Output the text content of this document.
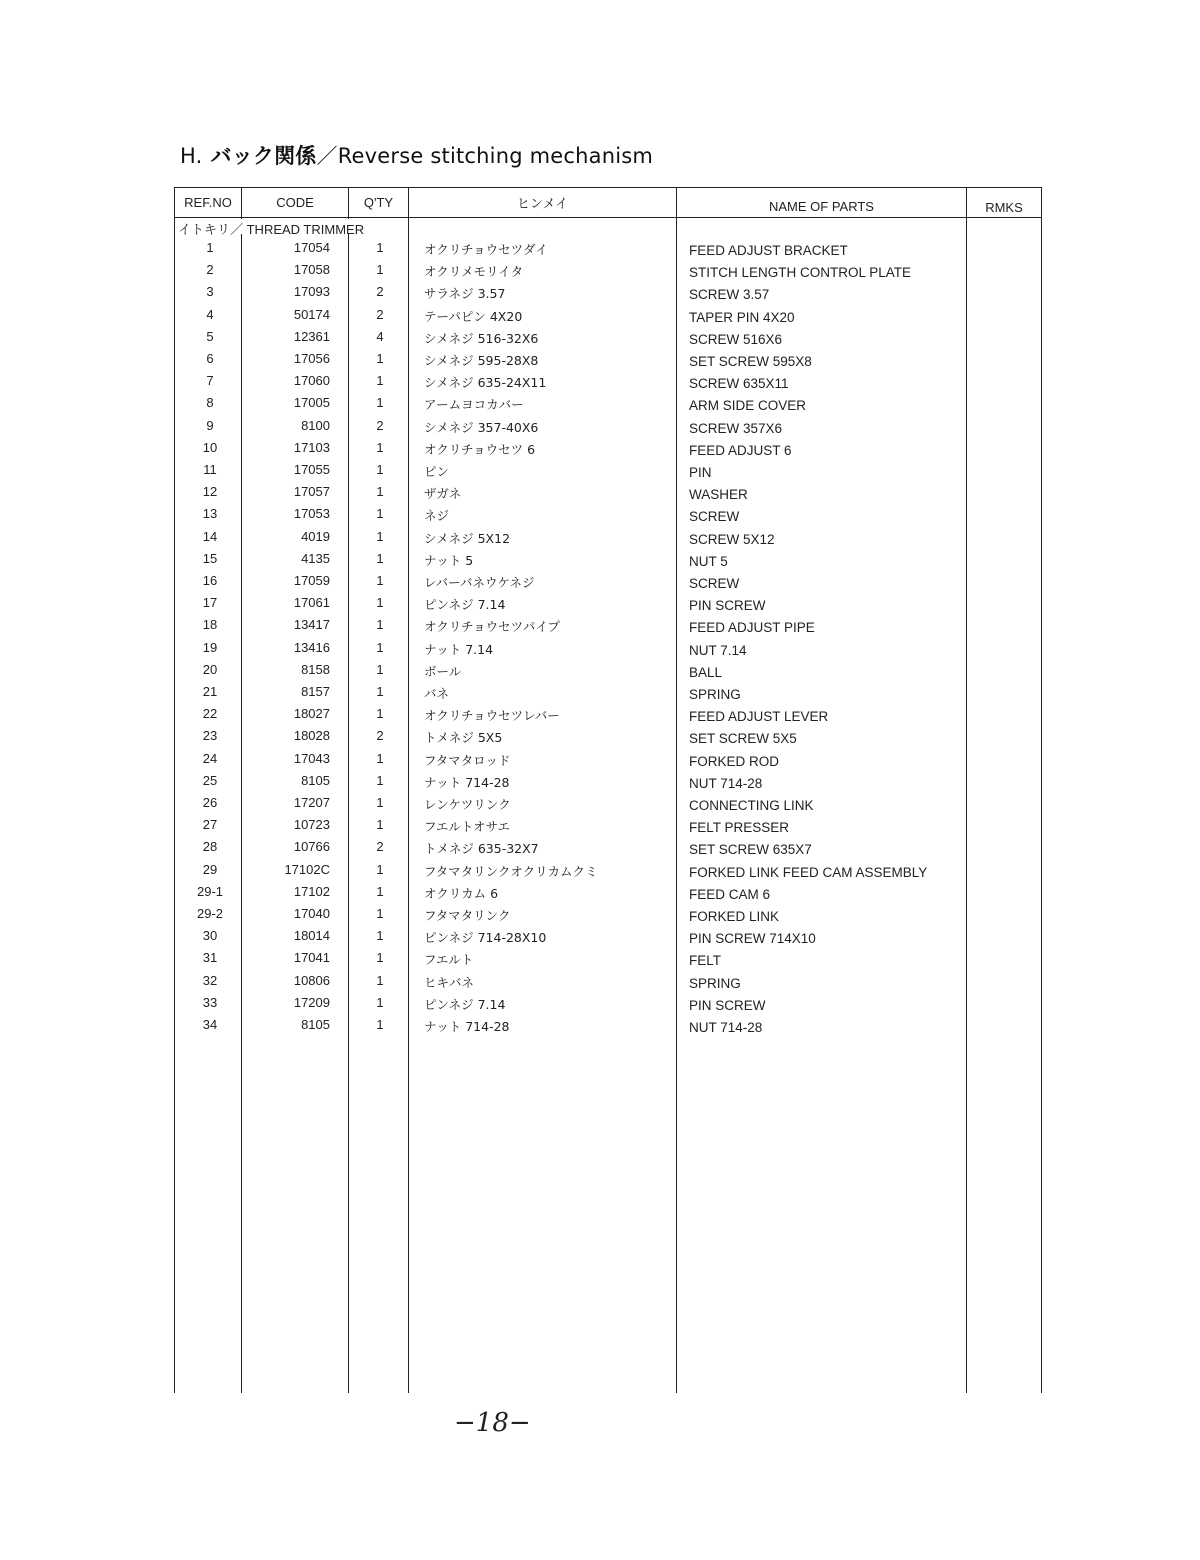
H. バック関係／Reverse stitching mechanism
REF.NO	CODE	Q'TY	ヒンメイ	NAME OF PARTS	RMKS
イトキリ／ THREAD TRIMMER
1	17054	1	オクリチョウセツダイ	FEED ADJUST BRACKET
2	17058	1	オクリメモリイタ	STITCH LENGTH CONTROL PLATE
3	17093	2	サラネジ 3.57	SCREW 3.57
4	50174	2	テーパピン 4X20	TAPER PIN 4X20
5	12361	4	シメネジ 516-32X6	SCREW 516X6
6	17056	1	シメネジ 595-28X8	SET SCREW 595X8
7	17060	1	シメネジ 635-24X11	SCREW 635X11
8	17005	1	アームヨコカバー	ARM SIDE COVER
9	8100	2	シメネジ 357-40X6	SCREW 357X6
10	17103	1	オクリチョウセツ 6	FEED ADJUST 6
11	17055	1	ピン	PIN
12	17057	1	ザガネ	WASHER
13	17053	1	ネジ	SCREW
14	4019	1	シメネジ 5X12	SCREW 5X12
15	4135	1	ナット 5	NUT 5
16	17059	1	レバーバネウケネジ	SCREW
17	17061	1	ピンネジ 7.14	PIN SCREW
18	13417	1	オクリチョウセツパイプ	FEED ADJUST PIPE
19	13416	1	ナット 7.14	NUT 7.14
20	8158	1	ボール	BALL
21	8157	1	バネ	SPRING
22	18027	1	オクリチョウセツレバー	FEED ADJUST LEVER
23	18028	2	トメネジ 5X5	SET SCREW 5X5
24	17043	1	フタマタロッド	FORKED ROD
25	8105	1	ナット 714-28	NUT 714-28
26	17207	1	レンケツリンク	CONNECTING LINK
27	10723	1	フエルトオサエ	FELT PRESSER
28	10766	2	トメネジ 635-32X7	SET SCREW 635X7
29	17102C	1	フタマタリンクオクリカムクミ	FORKED LINK FEED CAM ASSEMBLY
29-1	17102	1	オクリカム 6	FEED CAM 6
29-2	17040	1	フタマタリンク	FORKED LINK
30	18014	1	ピンネジ 714-28X10	PIN SCREW 714X10
31	17041	1	フエルト	FELT
32	10806	1	ヒキバネ	SPRING
33	17209	1	ピンネジ 7.14	PIN SCREW
34	8105	1	ナット 714-28	NUT 714-28
−18−
